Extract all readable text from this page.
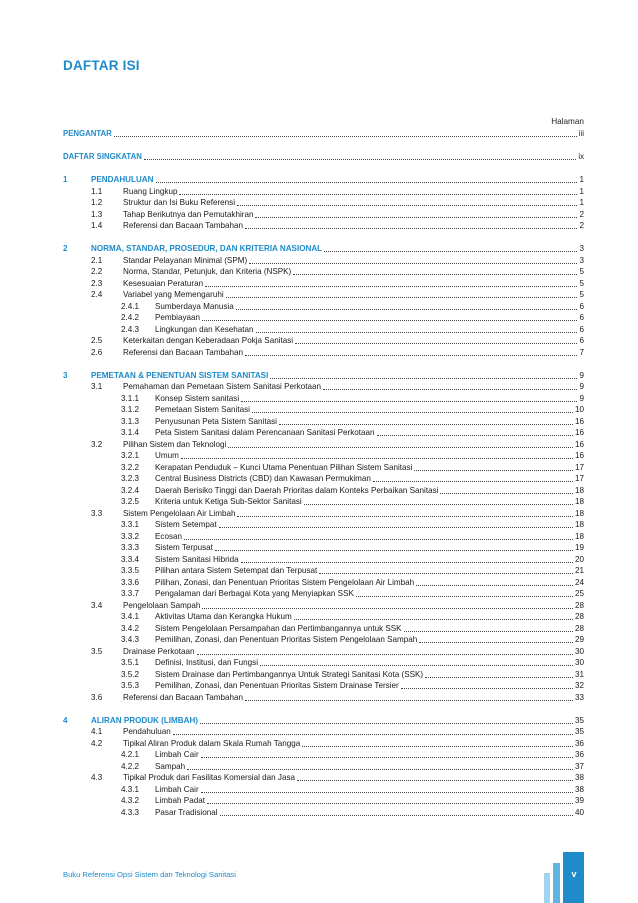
DAFTAR ISI
Halaman
PENGANTAR	iii
DAFTAR SINGKATAN	ix
1	PENDAHULUAN	1
1.1	Ruang Lingkup	1
1.2	Struktur dan Isi Buku Referensi	1
1.3	Tahap Berikutnya dan Pemutakhiran	2
1.4	Referensi dan Bacaan Tambahan	2
2	NORMA, STANDAR, PROSEDUR, DAN KRITERIA NASIONAL	3
2.1	Standar Pelayanan Minimal (SPM)	3
2.2	Norma, Standar, Petunjuk, dan Kriteria (NSPK)	5
2.3	Kesesuaian Peraturan	5
2.4	Variabel yang Memengaruhi	5
2.4.1	Sumberdaya Manusia	6
2.4.2	Pembiayaan	6
2.4.3	Lingkungan dan Kesehatan	6
2.5	Keterkaitan dengan Keberadaan Pokja Sanitasi	6
2.6	Referensi dan Bacaan Tambahan	7
3	PEMETAAN & PENENTUAN SISTEM SANITASI	9
3.1	Pemahaman dan Pemetaan Sistem Sanitasi Perkotaan	9
3.1.1	Konsep Sistem sanitasi	9
3.1.2	Pemetaan Sistem Sanitasi	10
3.1.3	Penyusunan Peta Sistem Sanitasi	16
3.1.4	Peta Sistem Sanitasi dalam Perencanaan Sanitasi Perkotaan	16
3.2	Pilihan Sistem dan Teknologi	16
3.2.1	Umum	16
3.2.2	Kerapatan Penduduk – Kunci Utama Penentuan Pilihan Sistem Sanitasi	17
3.2.3	Central Business Districts (CBD) dan Kawasan Permukiman	17
3.2.4	Daerah Berisiko Tinggi dan Daerah Prioritas dalam Konteks Perbaikan Sanitasi	18
3.2.5	Kriteria untuk Ketiga Sub-Sektor Sanitasi	18
3.3	Sistem Pengelolaan Air Limbah	18
3.3.1	Sistem Setempat	18
3.3.2	Ecosan	18
3.3.3	Sistem Terpusat	19
3.3.4	Sistem Sanitasi Hibrida	20
3.3.5	Pilihan antara Sistem Setempat dan Terpusat	21
3.3.6	Pilihan, Zonasi, dan Penentuan Prioritas Sistem Pengelolaan Air Limbah	24
3.3.7	Pengalaman dari Berbagai Kota yang Menyiapkan SSK	25
3.4	Pengelolaan Sampah	28
3.4.1	Aktivitas Utama dan Kerangka Hukum	28
3.4.2	Sistem Pengelolaan Persampahan dan Pertimbangannya untuk SSK	28
3.4.3	Pemilihan, Zonasi, dan Penentuan Prioritas Sistem Pengelolaan Sampah	29
3.5	Drainase Perkotaan	30
3.5.1	Definisi, Institusi, dan Fungsi	30
3.5.2	Sistem Drainase dan Pertimbangannya Untuk Strategi Sanitasi Kota (SSK)	31
3.5.3	Pemilihan, Zonasi, dan Penentuan Prioritas Sistem Drainase Tersier	32
3.6	Referensi dan Bacaan Tambahan	33
4	ALIRAN PRODUK (LIMBAH)	35
4.1	Pendahuluan	35
4.2	Tipikal Aliran Produk dalam Skala Rumah Tangga	36
4.2.1	Limbah Cair	36
4.2.2	Sampah	37
4.3	Tipikal Produk dari Fasilitas Komersial dan Jasa	38
4.3.1	Limbah Cair	38
4.3.2	Limbah Padat	39
4.3.3	Pasar Tradisional	40
Buku Referensi Opsi Sistem dan Teknologi Sanitasi	v
